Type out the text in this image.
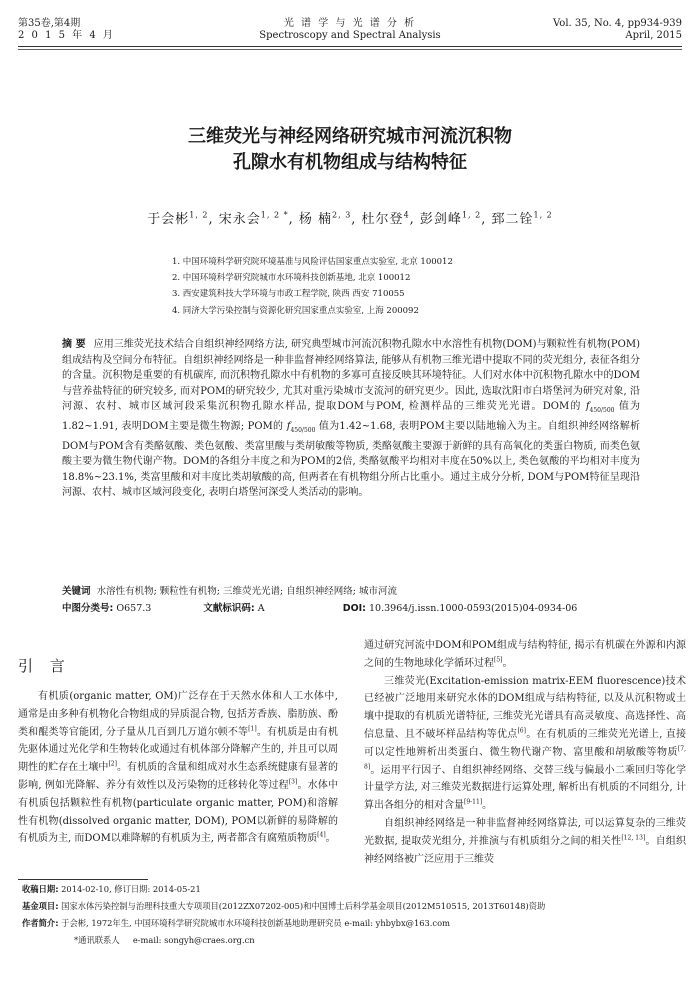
第35卷,第4期
2 0 1 5 年 4 月
光 谱 学 与 光 谱 分 析
Spectroscopy and Spectral Analysis
Vol. 35, No. 4, pp934-939
April, 2015
三维荧光与神经网络研究城市河流沉积物
孔隙水有机物组成与结构特征
于会彬$^{1, 2}$, 宋永会$^{1, 2 *}$, 杨 楠$^{2, 3}$, 杜尔登$^4$, 彭剑峰$^{1, 2}$, 郅二铨$^{1, 2}$
1. 中国环境科学研究院环境基准与风险评估国家重点实验室, 北京 100012
2. 中国环境科学研究院城市水环境科技创新基地, 北京 100012
3. 西安建筑科技大学环境与市政工程学院, 陕西 西安 710055
4. 同济大学污染控制与资源化研究国家重点实验室, 上海 200092
摘 要 应用三维荧光技术结合自组织神经网络方法, 研究典型城市河流沉积物孔隙水中水溶性有机物(DOM)与颗粒性有机物(POM)组成结构及空间分布特征。自组织神经网络是一种非监督神经网络算法, 能够从有机物三维光谱中提取不同的荧光组分, 表征各组分的含量。沉积物是重要的有机碳库, 而沉积物孔隙水中有机物的多寡可直接反映其环境特征。人们对水体中沉积物孔隙水中的DOM与营养盐特征的研究较多, 而对POM的研究较少, 尤其对重污染城市支流河的研究更少。因此, 选取沈阳市白塔堡河为研究对象, 沿河源、农村、城市区域河段采集沉积物孔隙水样品, 提取DOM与POM, 检测样品的三维荧光光谱。DOM的 $f_{450/500}$ 值为1.82~1.91, 表明DOM主要是微生物源; POM的 $f_{450/500}$ 值为1.42~1.68, 表明POM主要以陆地输入为主。自组织神经网络解析DOM与POM含有类酪氨酸、类色氨酸、类富里酸与类胡敏酸等物质, 类酪氨酸主要源于新鲜的具有高氧化的类蛋白物质, 而类色氨酸主要为微生物代谢产物。DOM的各组分丰度之和为POM的2倍, 类酪氨酸平均相对丰度在50%以上, 类色氨酸的平均相对丰度为18.8%~23.1%, 类富里酸和对丰度比类胡敏酸的高, 但两者在有机物组分所占比重小。通过主成分分析, DOM与POM特征呈现沿河源、农村、城市区域河段变化, 表明白塔堡河深受人类活动的影响。
关键词 水溶性有机物; 颗粒性有机物; 三维荧光光谱; 自组织神经网络; 城市河流
中图分类号: O657.3	文献标识码: A	DOI: 10.3964/j.issn.1000-0593(2015)04-0934-06
引 言

有机质(organic matter, OM)广泛存在于天然水体和人工水体中, 通常是由多种有机物化合物组成的异质混合物, 包括芳香族、脂肪族、酚类和醌类等官能团, 分子量从几百到几万道尔顿不等[1]。有机质是由有机先驱体通过光化学和生物转化或通过有机体部分降解产生的, 并且可以周期性的贮存在土壤中[2]。有机质的含量和组成对水生态系统健康有显著的影响, 例如光降解、养分有效性以及污染物的迁移转化等过程[3]。水体中有机质包括颗粒性有机物(particulate organic matter, POM)和溶解性有机物(dissolved organic matter, DOM), POM以新鲜的易降解的有机质为主, 而DOM以难降解的有机质为主, 两者都含有腐殖质物质[4]。

通过研究河流中DOM和POM组成与结构特征, 揭示有机碳在外源和内源之间的生物地球化学循环过程[5]。

三维荧光(Excitation-emission matrix-EEM fluorescence)技术已经被广泛地用来研究水体的DOM组成与结构特征, 以及从沉积物或土壤中提取的有机质光谱特征, 三维荧光光谱具有高灵敏度、高选择性、高信息量、且不破坏样品结构等优点[6]。在有机质的三维荧光光谱上, 直接可以定性地辨析出类蛋白、微生物代谢产物、富里酸和胡敏酸等物质[7, 8]。运用平行因子、自组织神经网络、交替三线与偏最小二乘回归等化学计量学方法, 对三维荧光数据进行运算处理, 解析出有机质的不同组分, 计算出各组分的相对含量[9-11]。

自组织神经网络是一种非监督神经网络算法, 可以运算复杂的三维荧光数据, 提取荧光组分, 并推演与有机质组分之间的相关性[12, 13]。自组织神经网络被广泛应用于三维荧

收稿日期: 2014-02-10, 修订日期: 2014-05-21
基金项目: 国家水体污染控制与治理科技重大专项项目(2012ZX07202-005)和中国博士后科学基金项目(2012M510515, 2013T60148)资助
作者简介: 于会彬, 1972年生, 中国环境科学研究院城市水环境科技创新基地助理研究员 e-mail: yhbybx@163.com
*通讯联系人 e-mail: songyh@craes.org.cn
